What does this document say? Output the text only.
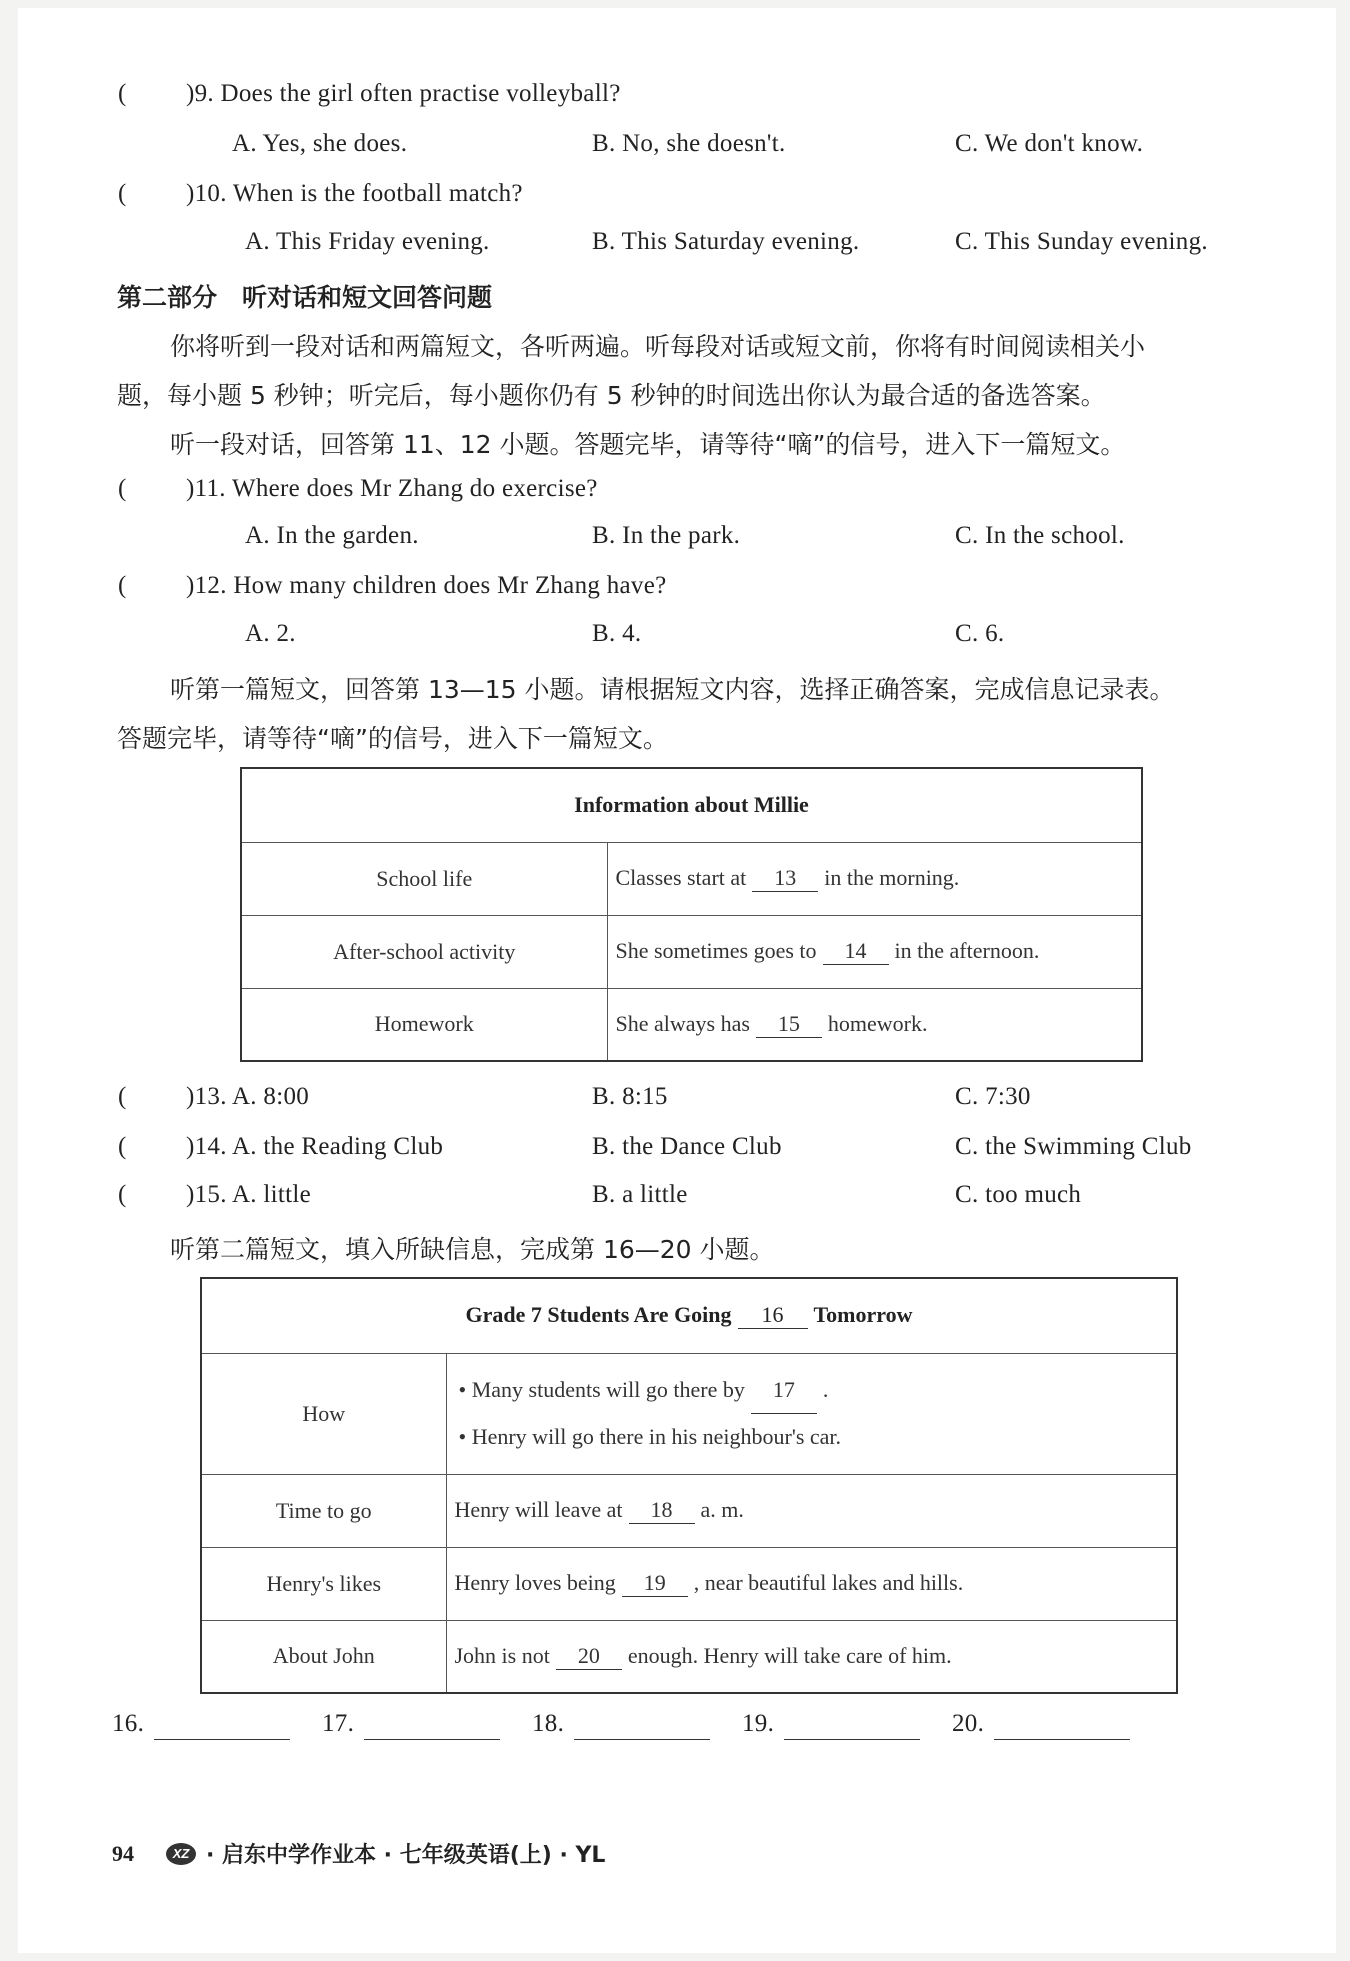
( )9. Does the girl often practise volleyball?
A. Yes, she does.	B. No, she doesn't.	C. We don't know.
( )10. When is the football match?
A. This Friday evening.	B. This Saturday evening.	C. This Sunday evening.
第二部分　听对话和短文回答问题
你将听到一段对话和两篇短文，各听两遍。听每段对话或短文前，你将有时间阅读相关小
题，每小题 5 秒钟；听完后，每小题你仍有 5 秒钟的时间选出你认为最合适的备选答案。
听一段对话，回答第 11、12 小题。答题完毕，请等待“嘀”的信号，进入下一篇短文。
( )11. Where does Mr Zhang do exercise?
A. In the garden.	B. In the park.	C. In the school.
( )12. How many children does Mr Zhang have?
A. 2.	B. 4.	C. 6.
听第一篇短文，回答第 13—15 小题。请根据短文内容，选择正确答案，完成信息记录表。
答题完毕，请等待“嘀”的信号，进入下一篇短文。
Information about Millie	
School life	Classes start at 13 in the morning.
After-school activity	She sometimes goes to 14 in the afternoon.
Homework	She always has 15 homework.
( )13. A. 8:00	B. 8:15	C. 7:30
( )14. A. the Reading Club	B. the Dance Club	C. the Swimming Club
( )15. A. little	B. a little	C. too much
听第二篇短文，填入所缺信息，完成第 16—20 小题。
Grade 7 Students Are Going 16 Tomorrow	
How	• Many students will go there by 17 .
• Henry will go there in his neighbour's car.

Time to go	Henry will leave at 18 a. m.
Henry's likes	Henry loves being 19 , near beautiful lakes and hills.
About John	John is not 20 enough. Henry will take care of him.
16.	17.	18.	19.	20.
94	XZ · 启东中学作业本 · 七年级英语(上) · YL
